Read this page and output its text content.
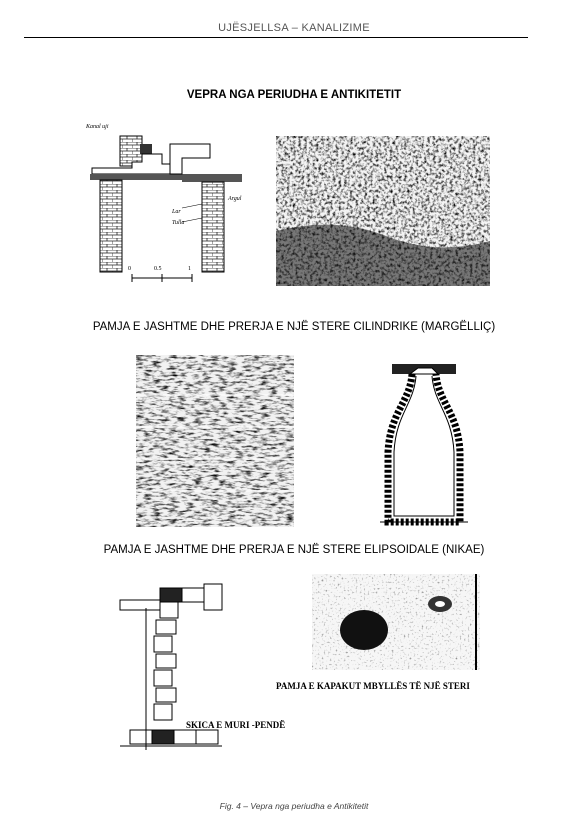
UJËSJELLSA – KANALIZIME
VEPRA NGA PERIUDHA E ANTIKITETIT
Kanal uji
Argul
Lar
Tulla
0	0.5	1
PAMJA E JASHTME DHE PRERJA E NJË STERE CILINDRIKE (MARGËLLIÇ)
PAMJA E JASHTME DHE PRERJA E NJË STERE ELIPSOIDALE (NIKAE)
SKICA E MURI -PENDË
PAMJA E KAPAKUT MBYLLËS TË NJË STERI
Fig. 4 – Vepra nga periudha e Antikitetit
